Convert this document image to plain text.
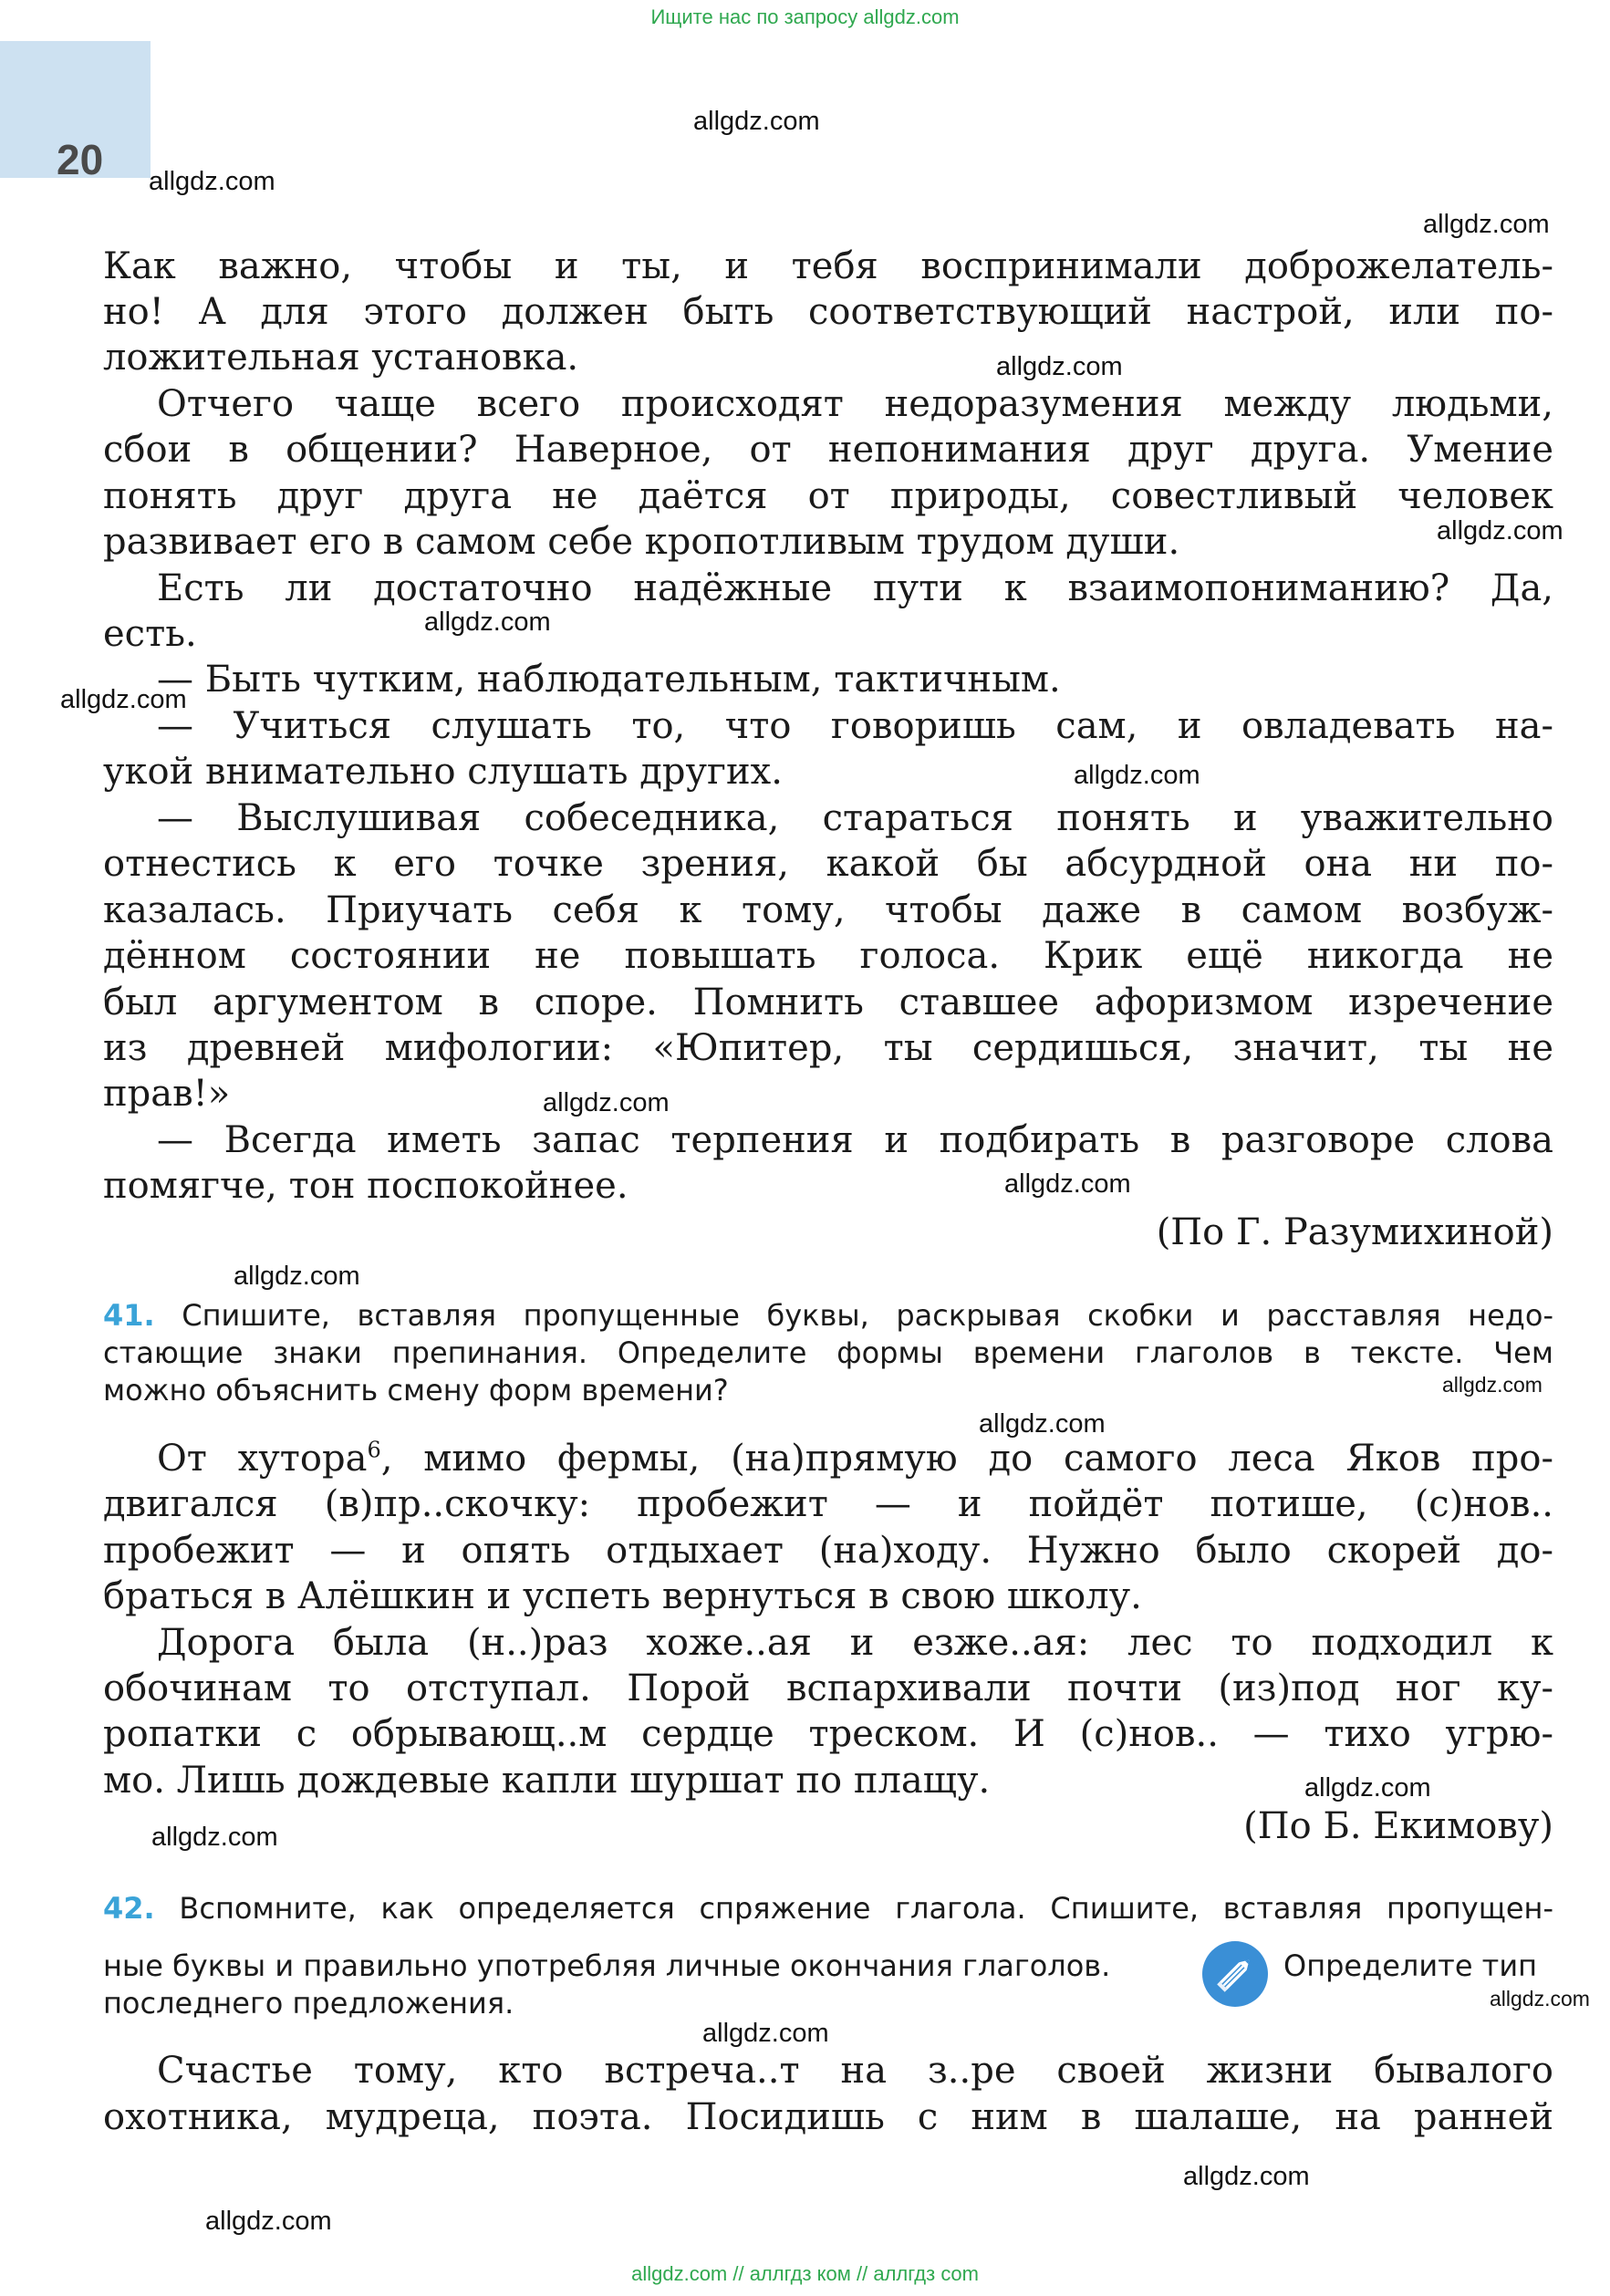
Ищите нас по запросу allgdz.com
20
allgdz.com
allgdz.com
allgdz.com
allgdz.com
allgdz.com
allgdz.com
allgdz.com
allgdz.com
allgdz.com
allgdz.com
allgdz.com
allgdz.com
allgdz.com
allgdz.com
allgdz.com
allgdz.com
allgdz.com
allgdz.com
allgdz.com
Как важно, чтобы и ты, и тебя воспринимали доброжелатель-
но! А для этого должен быть соответствующий настрой, или по-
ложительная установка.
Отчего чаще всего происходят недоразумения между людьми,
сбои в общении? Наверное, от непонимания друг друга. Умение
понять друг друга не даётся от природы, совестливый человек
развивает его в самом себе кропотливым трудом души.
Есть ли достаточно надёжные пути к взаимопониманию? Да,
есть.
— Быть чутким, наблюдательным, тактичным.
— Учиться слушать то, что говоришь сам, и овладевать на-
укой внимательно слушать других.
— Выслушивая собеседника, стараться понять и уважительно
отнестись к его точке зрения, какой бы абсурдной она ни по-
казалась. Приучать себя к тому, чтобы даже в самом возбуж-
дённом состоянии не повышать голоса. Крик ещё никогда не
был аргументом в споре. Помнить ставшее афоризмом изречение
из древней мифологии: «Юпитер, ты сердишься, значит, ты не
прав!»
— Всегда иметь запас терпения и подбирать в разговоре слова
помягче, тон поспокойнее.
(По Г. Разумихиной)
41. Спишите, вставляя пропущенные буквы, раскрывая скобки и расставляя недо-
стающие знаки препинания. Определите формы времени глаголов в тексте. Чем
можно объяснить смену форм времени?
От хутора$^6$, мимо фермы, (на)прямую до самого леса Яков про-
двигался (в)пр..скочку: пробежит — и пойдёт потише, (с)нов..
пробежит — и опять отдыхает (на)ходу. Нужно было скорей до-
браться в Алёшкин и успеть вернуться в свою школу.
Дорога была (н..)раз хоже..ая и езже..ая: лес то подходил к
обочинам то отступал. Порой вспархивали почти (из)под ног ку-
ропатки с обрывающ..м сердце треском. И (с)нов.. — тихо угрю-
мо. Лишь дождевые капли шуршат по плащу.
(По Б. Екимову)
42. Вспомните, как определяется спряжение глагола. Спишите, вставляя пропущен-
ные буквы и правильно употребляя личные окончания глаголов.	Определите тип
последнего предложения.
Счастье тому, кто встреча..т на з..ре своей жизни бывалого
охотника, мудреца, поэта. Посидишь с ним в шалаше, на ранней
allgdz.com // аллгдз ком // аллгдз com
